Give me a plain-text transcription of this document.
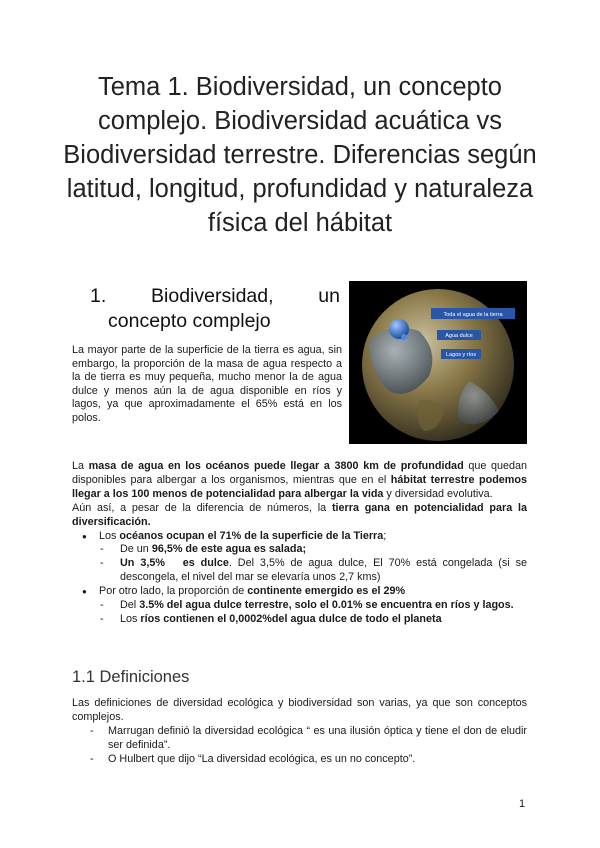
Tema 1. Biodiversidad, un concepto complejo. Biodiversidad acuática vs Biodiversidad terrestre. Diferencias según latitud, longitud, profundidad y naturaleza física del hábitat
1. Biodiversidad, un
concepto complejo
La mayor parte de la superficie de la tierra es agua, sin embargo, la proporción de la masa de agua respecto a la de tierra es muy pequeña, mucho menor la de agua dulce y menos aún la de agua disponible en ríos y lagos, ya que aproximadamente el 65% está en los polos.
Toda el agua de la tierra
Agua dulce
Lagos y ríos

La masa de agua en los océanos puede llegar a 3800 km de profundidad que quedan disponibles para albergar a los organismos, mientras que en el hábitat terrestre podemos llegar a los 100 menos de potencialidad para albergar la vida y diversidad evolutiva.

Aún así, a pesar de la diferencia de números, la tierra gana en potencialidad para la diversificación.

● Los océanos ocupan el 71% de la superficie de la Tierra;
- De un 96,5% de este agua es salada;
- Un 3,5%   es dulce. Del 3,5% de agua dulce, El 70% está congelada (si se descongela, el nivel del mar se elevaría unos 2,7 kms)
● Por otro lado, la proporción de continente emergido es el 29%
- Del 3.5% del agua dulce terrestre, solo el 0.01% se encuentra en ríos y lagos.
- Los ríos contienen el 0,0002%del agua dulce de todo el planeta
1.1 Definiciones

Las definiciones de diversidad ecológica y biodiversidad son varias, ya que son conceptos complejos.

- Marrugan definió la diversidad ecológica “ es una ilusión óptica y tiene el don de eludir ser definida”.
- O Hulbert que dijo “La diversidad ecológica, es un no concepto”.
1
